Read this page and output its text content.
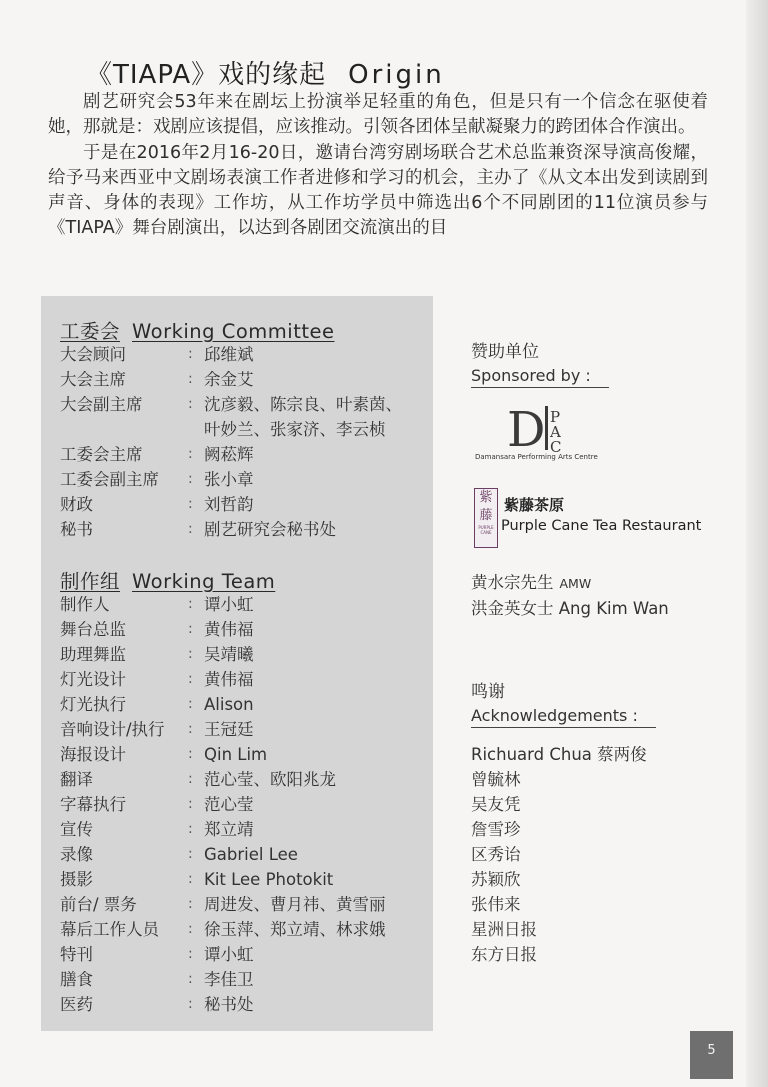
《TIAPA》戏的缘起 Origin

剧艺研究会53年来在剧坛上扮演举足轻重的角色，但是只有一个信念在驱使着她，那就是：戏剧应该提倡，应该推动。引领各团体呈献凝聚力的跨团体合作演出。

于是在2016年2月16-20日，邀请台湾穷剧场联合艺术总监兼资深导演高俊耀，给予马来西亚中文剧场表演工作者进修和学习的机会，主办了《从文本出发到读剧到声音、身体的表现》工作坊，从工作坊学员中筛选出6个不同剧团的11位演员参与《TIAPA》舞台剧演出，以达到各剧团交流演出的目

工委会 Working Committee
大会顾问	: 邱维斌
大会主席	: 余金艾
大会副主席	: 沈彦毅、陈宗良、叶素茵、
叶妙兰、张家济、李云桢
工委会主席	: 阙菘辉
工委会副主席	: 张小章
财政	: 刘哲韵
秘书	: 剧艺研究会秘书处
制作组 Working Team
制作人	: 谭小虹
舞台总监	: 黄伟福
助理舞监	: 吴靖曦
灯光设计	: 黄伟福
灯光执行	: Alison
音响设计/执行	: 王冠廷
海报设计	: Qin Lim
翻译	: 范心莹、欧阳兆龙
字幕执行	: 范心莹
宣传	: 郑立靖
录像	: Gabriel Lee
摄影	: Kit Lee Photokit
前台/ 票务	: 周进发、曹月祎、黄雪丽
幕后工作人员	: 徐玉萍、郑立靖、林求娥
特刊	: 谭小虹
膳食	: 李佳卫
医药	: 秘书处
赞助单位
Sponsored by :
D P
A
C
Damansara Performing Arts Centre
紫
藤
PURPLE CANE
紫藤茶原
Purple Cane Tea Restaurant
黄水宗先生 AMW
洪金英女士 Ang Kim Wan
鸣谢
Acknowledgements :
Richuard Chua 蔡两俊
曾毓林
吴友凭
詹雪珍
区秀诒
苏颖欣
张伟来
星洲日报
东方日报
5
